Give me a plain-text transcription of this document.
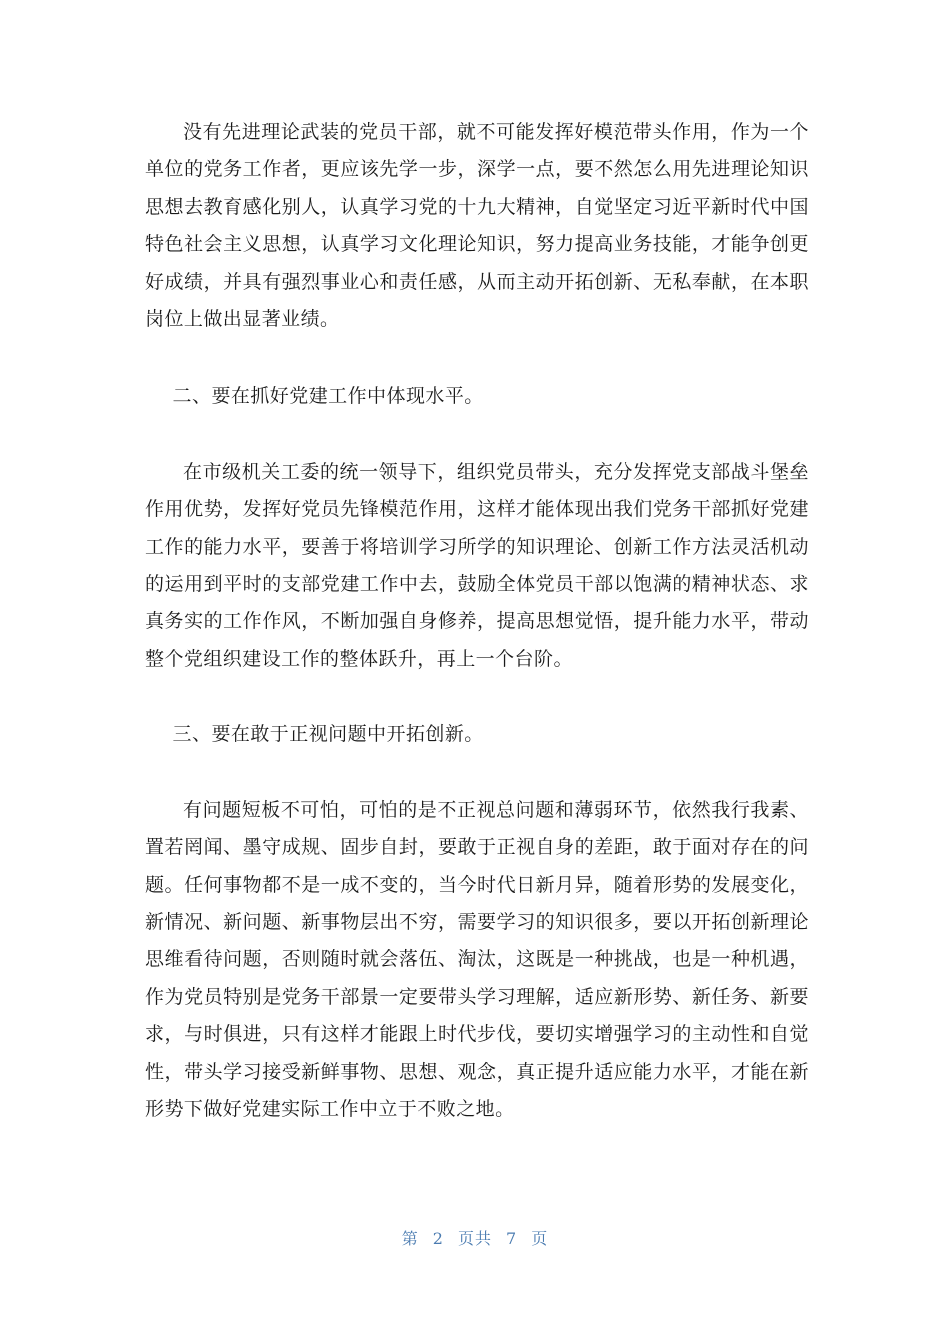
没有先进理论武装的党员干部，就不可能发挥好模范带头作用，作为一个单位的党务工作者，更应该先学一步，深学一点，要不然怎么用先进理论知识思想去教育感化别人，认真学习党的十九大精神，自觉坚定习近平新时代中国特色社会主义思想，认真学习文化理论知识，努力提高业务技能，才能争创更好成绩，并具有强烈事业心和责任感，从而主动开拓创新、无私奉献，在本职岗位上做出显著业绩。

二、要在抓好党建工作中体现水平。

在市级机关工委的统一领导下，组织党员带头，充分发挥党支部战斗堡垒作用优势，发挥好党员先锋模范作用，这样才能体现出我们党务干部抓好党建工作的能力水平，要善于将培训学习所学的知识理论、创新工作方法灵活机动的运用到平时的支部党建工作中去，鼓励全体党员干部以饱满的精神状态、求真务实的工作作风，不断加强自身修养，提高思想觉悟，提升能力水平，带动整个党组织建设工作的整体跃升，再上一个台阶。

三、要在敢于正视问题中开拓创新。

有问题短板不可怕，可怕的是不正视总问题和薄弱环节，依然我行我素、置若罔闻、墨守成规、固步自封，要敢于正视自身的差距，敢于面对存在的问题。任何事物都不是一成不变的，当今时代日新月异，随着形势的发展变化，新情况、新问题、新事物层出不穷，需要学习的知识很多，要以开拓创新理论思维看待问题，否则随时就会落伍、淘汰，这既是一种挑战，也是一种机遇，作为党员特别是党务干部景一定要带头学习理解，适应新形势、新任务、新要求，与时俱进，只有这样才能跟上时代步伐，要切实增强学习的主动性和自觉性，带头学习接受新鲜事物、思想、观念，真正提升适应能力水平，才能在新形势下做好党建实际工作中立于不败之地。

第 2 页共 7 页
